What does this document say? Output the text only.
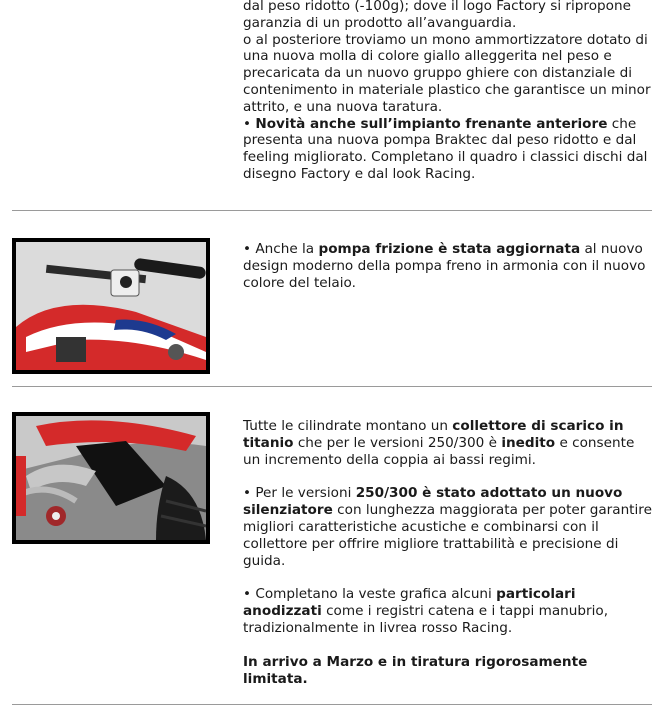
dal peso ridotto (-100g); dove il logo Factory si ripropone garanzia di un prodotto all’avanguardia.

o al posteriore troviamo un mono ammortizzatore dotato di una nuova molla di colore giallo alleggerita nel peso e precaricata da un nuovo gruppo ghiere con distanziale di contenimento in materiale plastico che garantisce un minor attrito, e una nuova taratura.

• Novità anche sull’impianto frenante anteriore che presenta una nuova pompa Braktec dal peso ridotto e dal feeling migliorato. Completano il quadro i classici dischi dal disegno Factory e dal look Racing.

• Anche la pompa frizione è stata aggiornata al nuovo design moderno della pompa freno in armonia con il nuovo colore del telaio.

Tutte le cilindrate montano un collettore di scarico in titanio che per le versioni 250/300 è inedito e consente un incremento della coppia ai bassi regimi.

• Per le versioni 250/300 è stato adottato un nuovo silenziatore con lunghezza maggiorata per poter garantire migliori caratteristiche acustiche e combinarsi con il collettore per offrire migliore trattabilità e precisione di guida.

• Completano la veste grafica alcuni particolari anodizzati come i registri catena e i tappi manubrio, tradizionalmente in livrea rosso Racing.

In arrivo a Marzo e in tiratura rigorosamente limitata.
